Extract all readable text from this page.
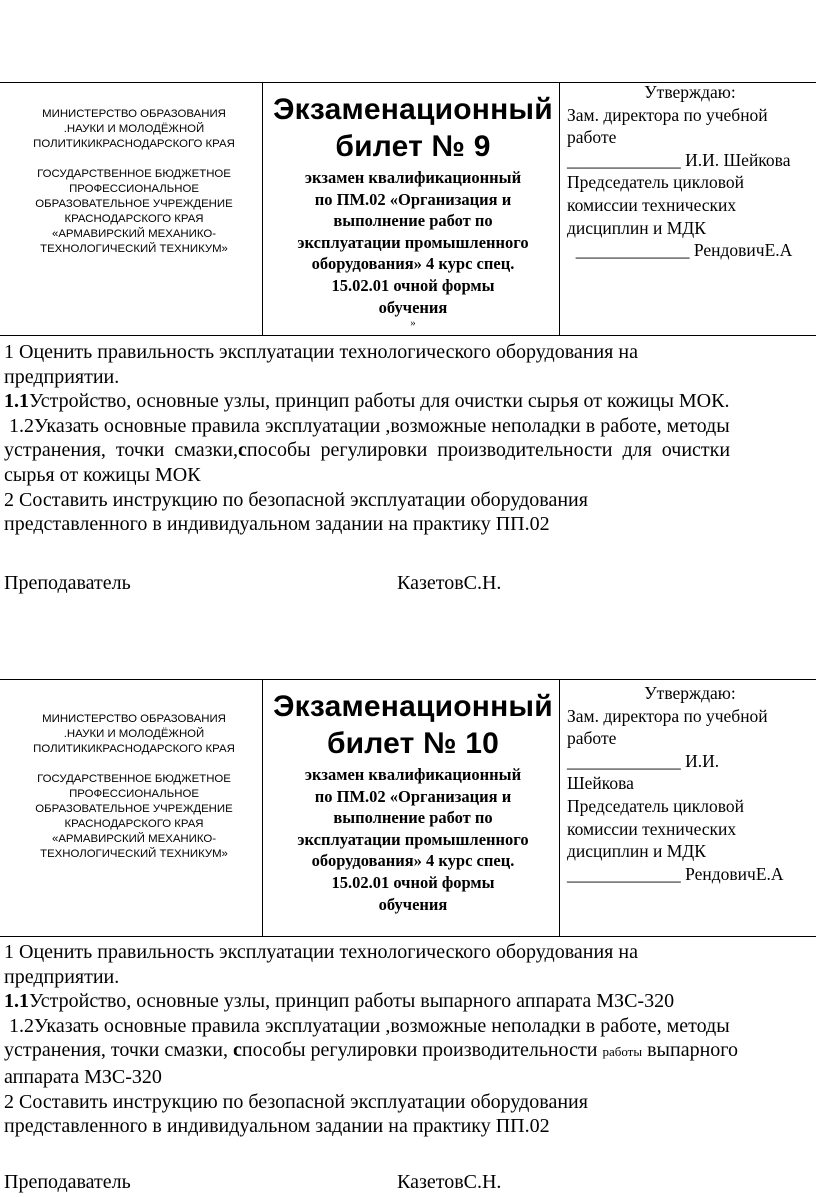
МИНИСТЕРСТВО ОБРАЗОВАНИЯ
.НАУКИ И МОЛОДЁЖНОЙ
ПОЛИТИКИКРАСНОДАРСКОГО КРАЯ
ГОСУДАРСТВЕННОЕ БЮДЖЕТНОЕ
ПРОФЕССИОНАЛЬНОЕ
ОБРАЗОВАТЕЛЬНОЕ УЧРЕЖДЕНИЕ
КРАСНОДАРСКОГО КРАЯ
«АРМАВИРСКИЙ МЕХАНИКО-
ТЕХНОЛОГИЧЕСКИЙ ТЕХНИКУМ»
Экзаменационный
билет № 9
экзамен квалификационный
по ПМ.02 «Организация и
выполнение работ по
эксплуатации промышленного
оборудования» 4 курс спец.
15.02.01 очной формы
обучения
»
Утверждаю:
Зам. директора по учебной
работе
_____________ И.И. Шейкова
Председатель цикловой
комиссии технических
дисциплин и МДК
_____________ РендовичЕ.А
1 Оценить правильность эксплуатации технологического оборудования на
предприятии.
1.1Устройство, основные узлы, принцип работы для очистки сырья от кожицы МОК.
1.2Указать основные правила эксплуатации ,возможные неполадки в работе, методы
устранения,  точки  смазки,способы  регулировки  производительности  для  очистки
сырья от кожицы МОК
2 Составить инструкцию по безопасной эксплуатации оборудования
представленного в индивидуальном задании на практику ПП.02
Преподаватель	КазетовС.Н.
МИНИСТЕРСТВО ОБРАЗОВАНИЯ
.НАУКИ И МОЛОДЁЖНОЙ
ПОЛИТИКИКРАСНОДАРСКОГО КРАЯ
ГОСУДАРСТВЕННОЕ БЮДЖЕТНОЕ
ПРОФЕССИОНАЛЬНОЕ
ОБРАЗОВАТЕЛЬНОЕ УЧРЕЖДЕНИЕ
КРАСНОДАРСКОГО КРАЯ
«АРМАВИРСКИЙ МЕХАНИКО-
ТЕХНОЛОГИЧЕСКИЙ ТЕХНИКУМ»
Экзаменационный
билет № 10
экзамен квалификационный
по ПМ.02 «Организация и
выполнение работ по
эксплуатации промышленного
оборудования» 4 курс спец.
15.02.01 очной формы
обучения
Утверждаю:
Зам. директора по учебной
работе
_____________ И.И.
Шейкова
Председатель цикловой
комиссии технических
дисциплин и МДК
_____________ РендовичЕ.А
1 Оценить правильность эксплуатации технологического оборудования на
предприятии.
1.1Устройство, основные узлы, принцип работы выпарного аппарата МЗС-320
1.2Указать основные правила эксплуатации ,возможные неполадки в работе, методы
устранения, точки смазки, способы регулировки производительности работы выпарного
аппарата МЗС-320
2 Составить инструкцию по безопасной эксплуатации оборудования
представленного в индивидуальном задании на практику ПП.02
Преподаватель	КазетовС.Н.
